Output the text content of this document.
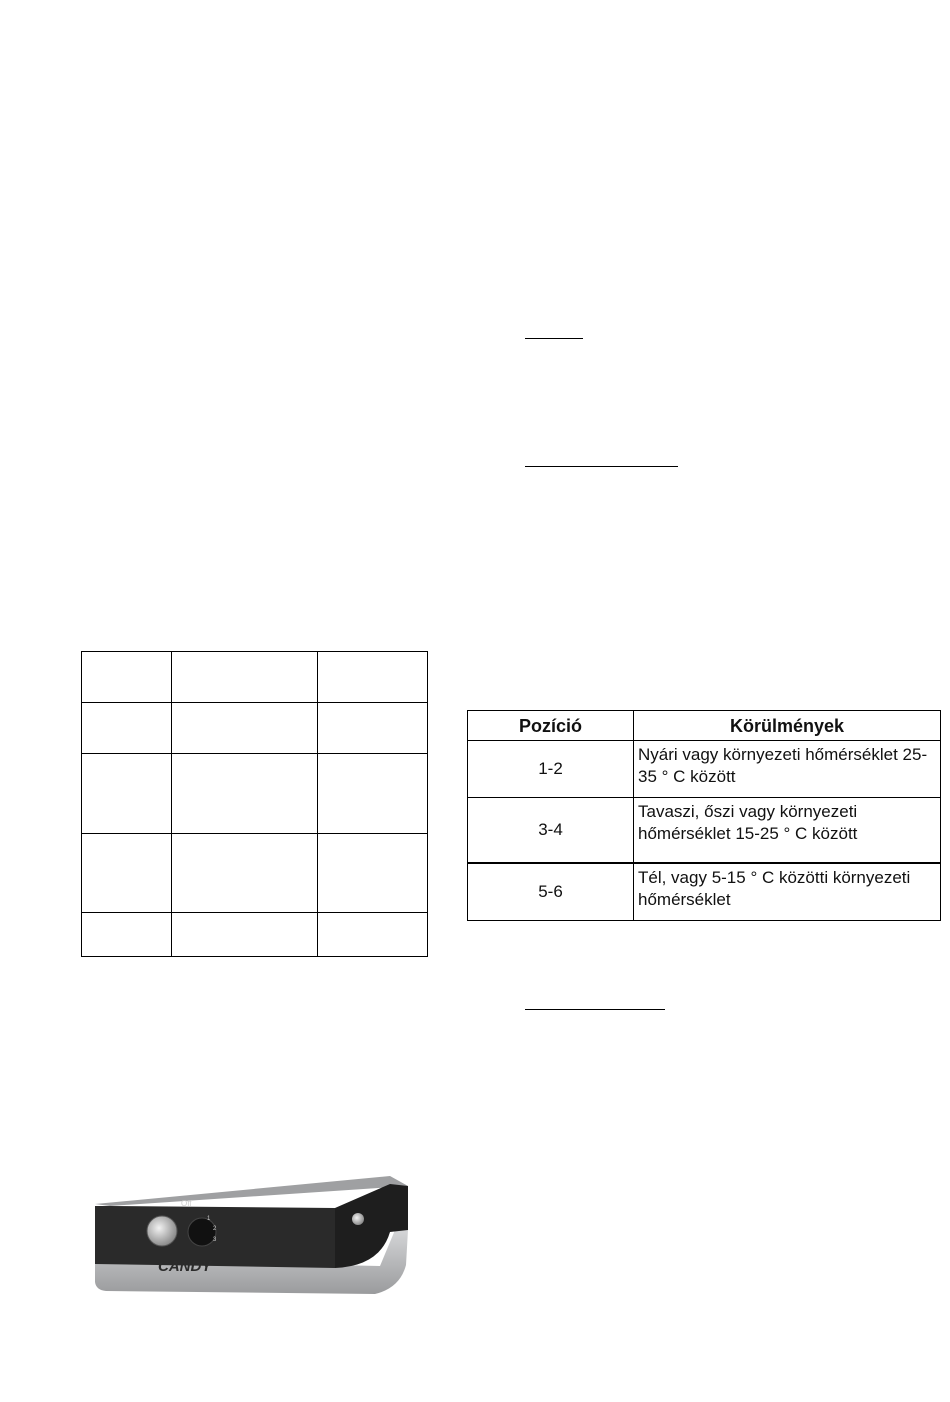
Pozíció	Körülmények
1-2	Nyári vagy környezeti hőmérséklet 25-35 ° C között
3-4	Tavaszi, őszi vagy környezeti hőmérséklet 15-25 ° C között
5-6	Tél, vagy 5-15 ° C közötti környezeti hőmérséklet
Off
1
2
3
CANDY
